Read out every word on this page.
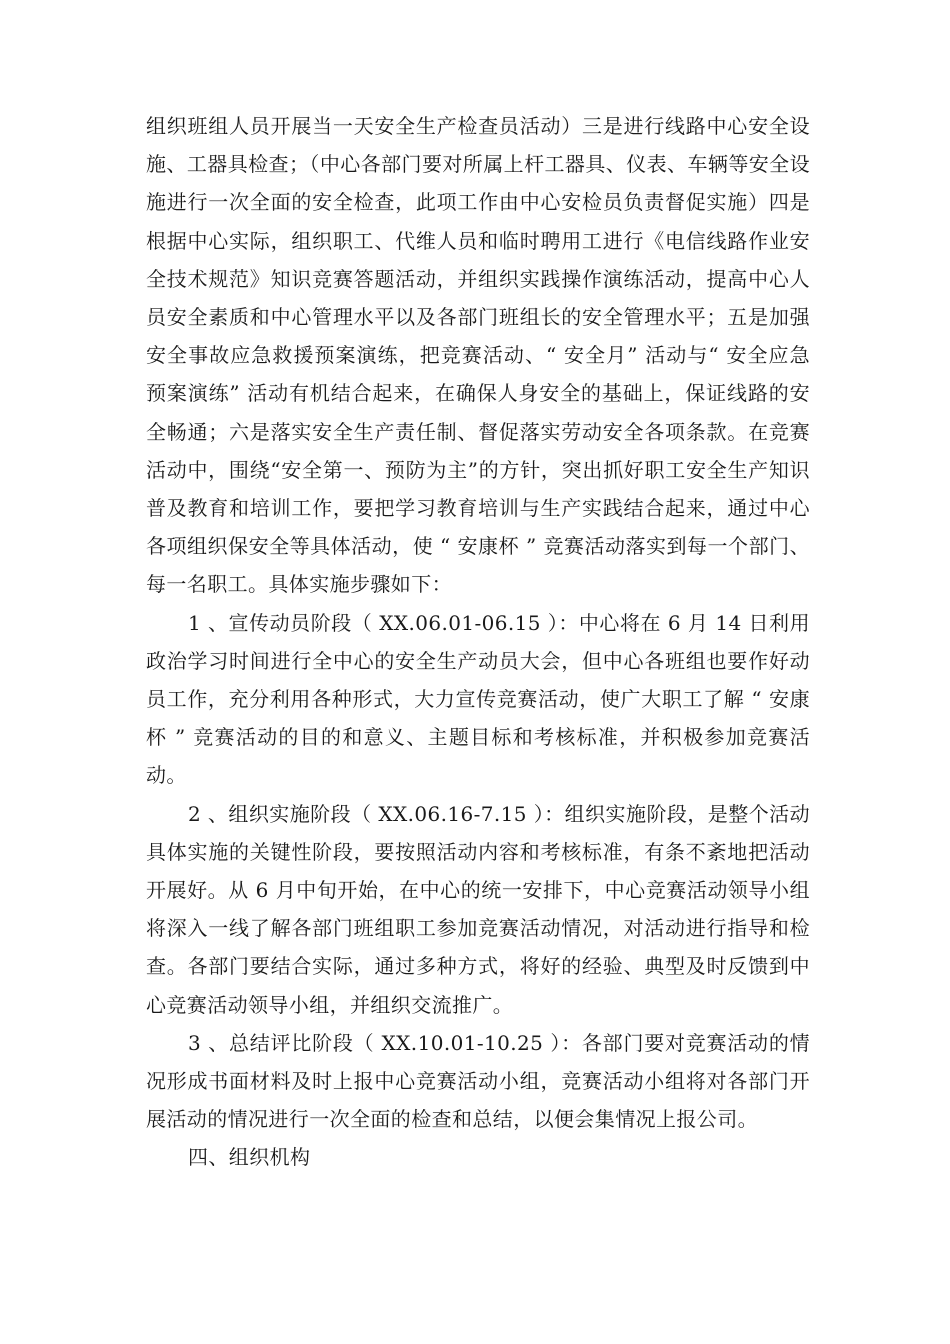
组织班组人员开展当一天安全生产检查员活动）三是进行线路中心安全设施、工器具检查；（中心各部门要对所属上杆工器具、仪表、车辆等安全设施进行一次全面的安全检查，此项工作由中心安检员负责督促实施）四是根据中心实际，组织职工、代维人员和临时聘用工进行《电信线路作业安全技术规范》知识竞赛答题活动，并组织实践操作演练活动，提高中心人员安全素质和中心管理水平以及各部门班组长的安全管理水平；五是加强安全事故应急救援预案演练，把竞赛活动、“ 安全月” 活动与“ 安全应急预案演练” 活动有机结合起来，在确保人身安全的基础上，保证线路的安全畅通；六是落实安全生产责任制、督促落实劳动安全各项条款。在竞赛活动中，围绕“安全第一、预防为主”的方针，突出抓好职工安全生产知识普及教育和培训工作，要把学习教育培训与生产实践结合起来，通过中心各项组织保安全等具体活动，使 “ 安康杯 ” 竞赛活动落实到每一个部门、每一名职工。具体实施步骤如下：

1 、宣传动员阶段（ XX.06.01-06.15 ）：中心将在 6 月 14 日利用政治学习时间进行全中心的安全生产动员大会，但中心各班组也要作好动员工作，充分利用各种形式，大力宣传竞赛活动，使广大职工了解 “ 安康杯 ” 竞赛活动的目的和意义、主题目标和考核标准，并积极参加竞赛活动。

2 、组织实施阶段（ XX.06.16-7.15 ）：组织实施阶段，是整个活动具体实施的关键性阶段，要按照活动内容和考核标准，有条不紊地把活动开展好。从 6 月中旬开始，在中心的统一安排下，中心竞赛活动领导小组将深入一线了解各部门班组职工参加竞赛活动情况，对活动进行指导和检查。各部门要结合实际，通过多种方式，将好的经验、典型及时反馈到中心竞赛活动领导小组，并组织交流推广。

3 、总结评比阶段（ XX.10.01-10.25 ）：各部门要对竞赛活动的情况形成书面材料及时上报中心竞赛活动小组，竞赛活动小组将对各部门开展活动的情况进行一次全面的检查和总结，以便会集情况上报公司。

四、组织机构
